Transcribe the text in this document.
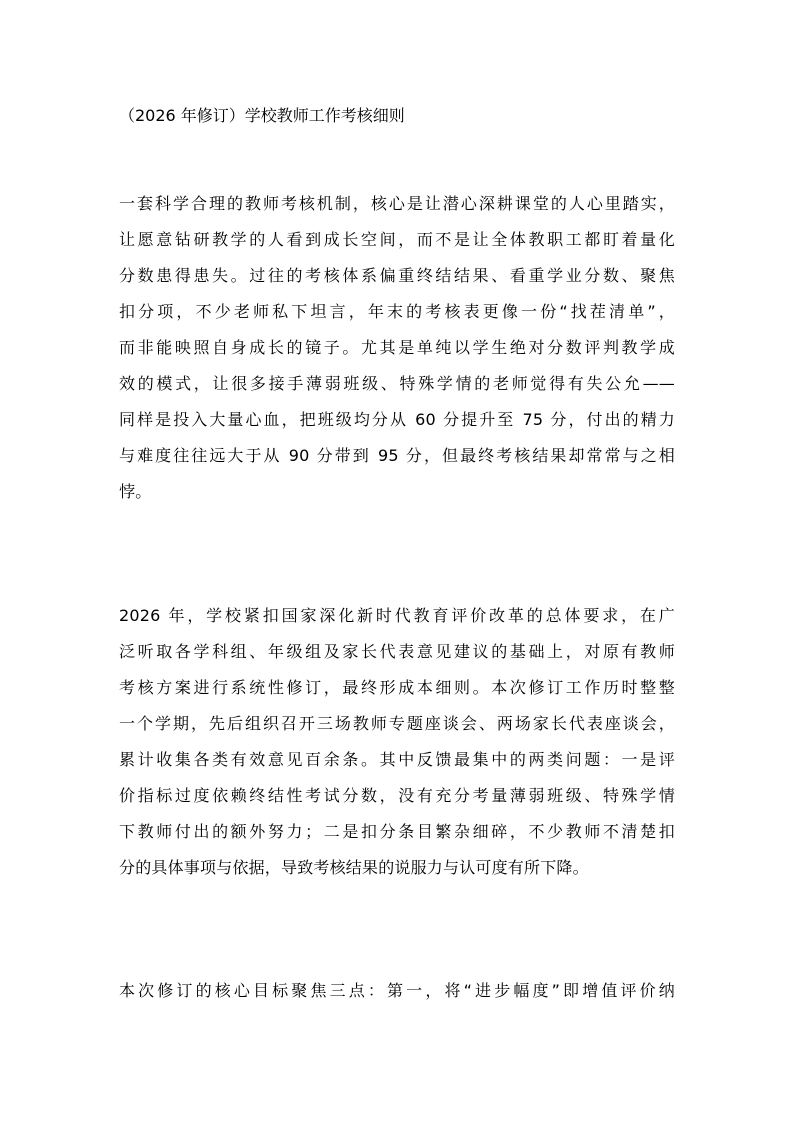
（2026 年修订）学校教师工作考核细则
一套科学合理的教师考核机制，核心是让潜心深耕课堂的人心里踏实，
让愿意钻研教学的人看到成长空间，而不是让全体教职工都盯着量化
分数患得患失。过往的考核体系偏重终结结果、看重学业分数、聚焦
扣分项，不少老师私下坦言，年末的考核表更像一份“找茬清单”，
而非能映照自身成长的镜子。尤其是单纯以学生绝对分数评判教学成
效的模式，让很多接手薄弱班级、特殊学情的老师觉得有失公允——
同样是投入大量心血，把班级均分从 60 分提升至 75 分，付出的精力
与难度往往远大于从 90 分带到 95 分，但最终考核结果却常常与之相
悖。
2026 年，学校紧扣国家深化新时代教育评价改革的总体要求，在广
泛听取各学科组、年级组及家长代表意见建议的基础上，对原有教师
考核方案进行系统性修订，最终形成本细则。本次修订工作历时整整
一个学期，先后组织召开三场教师专题座谈会、两场家长代表座谈会，
累计收集各类有效意见百余条。其中反馈最集中的两类问题：一是评
价指标过度依赖终结性考试分数，没有充分考量薄弱班级、特殊学情
下教师付出的额外努力；二是扣分条目繁杂细碎，不少教师不清楚扣
分的具体事项与依据，导致考核结果的说服力与认可度有所下降。
本次修订的核心目标聚焦三点：第一，将“进步幅度”即增值评价纳
